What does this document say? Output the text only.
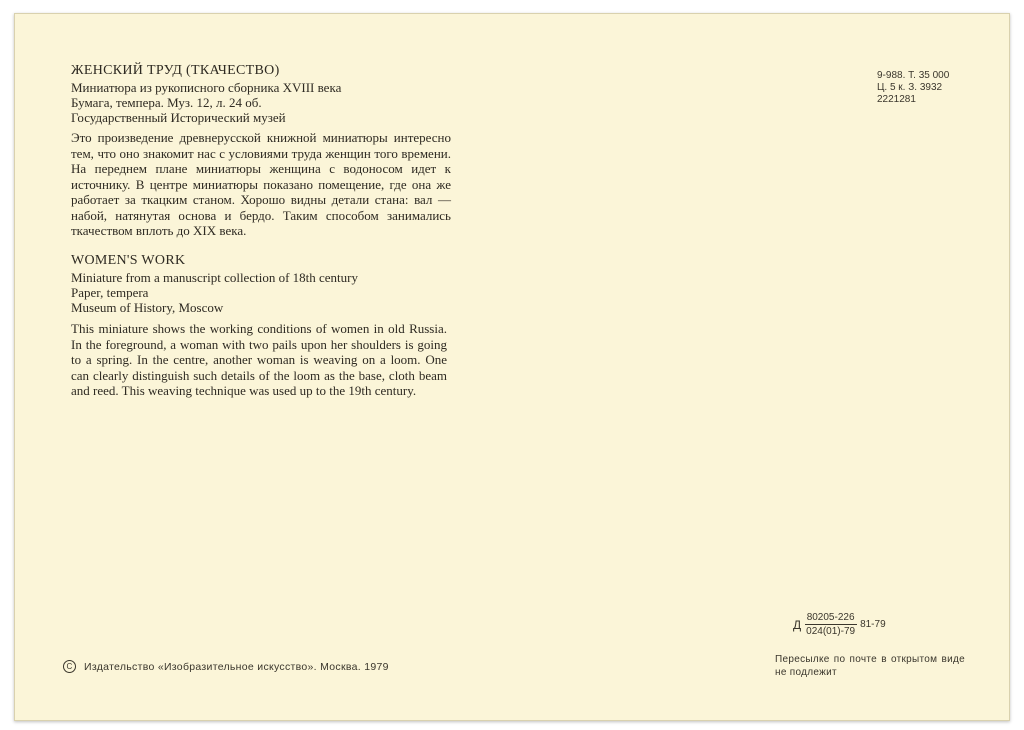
ЖЕНСКИЙ ТРУД (ТКАЧЕСТВО)
Миниатюра из рукописного сборника XVIII века
Бумага, темпера. Муз. 12, л. 24 об.
Государственный Исторический музей
Это произведение древнерусской книжной миниатюры интересно тем, что оно знакомит нас с условиями труда женщин того времени. На переднем плане миниатюры женщина с водоносом идет к источнику. В центре миниатюры показано помещение, где она же работает за ткацким станом. Хорошо видны детали стана: вал — набой, натянутая основа и бердо. Таким способом занимались ткачеством вплоть до XIX века.
WOMEN'S WORK
Miniature from a manuscript collection of 18th century
Paper, tempera
Museum of History, Moscow
This miniature shows the working conditions of women in old Russia. In the foreground, a woman with two pails upon her shoulders is going to a spring. In the centre, another woman is weaving on a loom. One can clearly distinguish such details of the loom as the base, cloth beam and reed. This weaving technique was used up to the 19th century.
9-988. Т. 35 000
Ц. 5 к. З. 3932
2221281
Д $\frac{80205-226}{024(01)-79} 81-79$
C	Издательство «Изобразительное искусство». Москва. 1979
Пересылке по почте в открытом виде не подлежит
